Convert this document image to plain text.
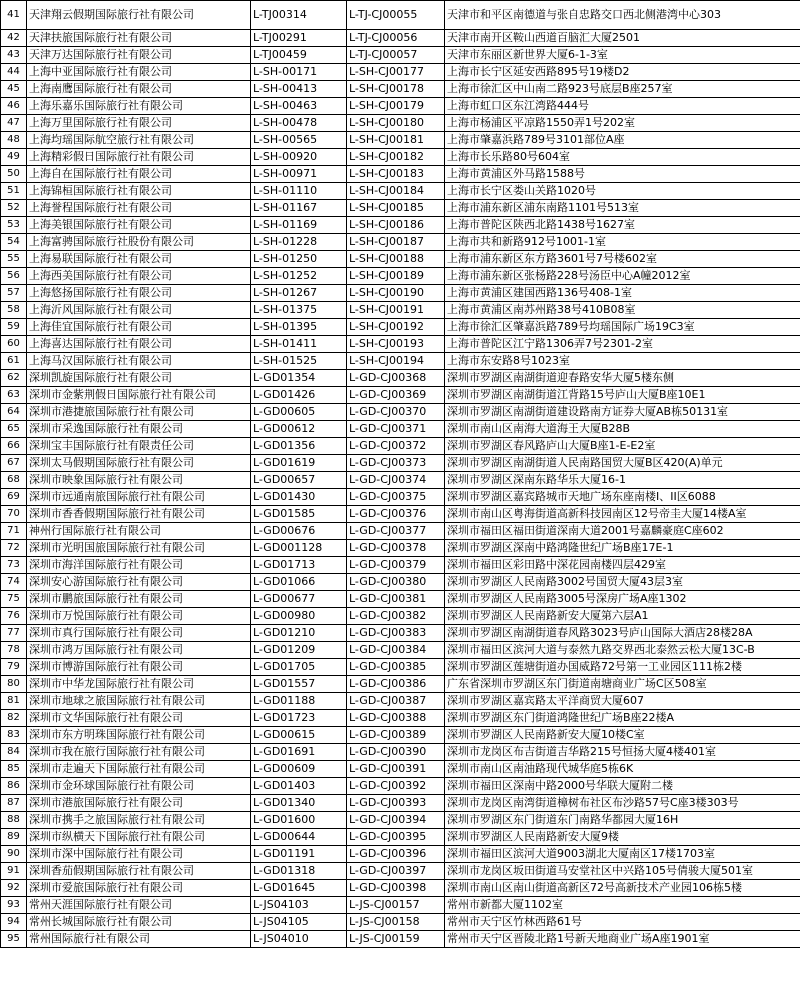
41	天津翔云假期国际旅行社有限公司	L-TJ00314	L-TJ-CJ00055	天津市和平区南德道与张自忠路交口西北侧港湾中心303
42	天津扶旅国际旅行社有限公司	L-TJ00291	L-TJ-CJ00056	天津市南开区鞍山西道百脑汇大厦2501
43	天津万达国际旅行社有限公司	L-TJ00459	L-TJ-CJ00057	天津市东丽区新世界大厦6-1-3室
44	上海中亚国际旅行社有限公司	L-SH-00171	L-SH-CJ00177	上海市长宁区延安西路895号19楼D2
45	上海南鹰国际旅行社有限公司	L-SH-00413	L-SH-CJ00178	上海市徐汇区中山南二路923号底层B座257室
46	上海乐嘉乐国际旅行社有限公司	L-SH-00463	L-SH-CJ00179	上海市虹口区东江湾路444号
47	上海万里国际旅行社有限公司	L-SH-00478	L-SH-CJ00180	上海市杨浦区平凉路1550弄1号202室
48	上海均瑶国际航空旅行社有限公司	L-SH-00565	L-SH-CJ00181	上海市肇嘉浜路789号3101部位A座
49	上海精彩假日国际旅行社有限公司	L-SH-00920	L-SH-CJ00182	上海市长乐路80号604室
50	上海自在国际旅行社有限公司	L-SH-00971	L-SH-CJ00183	上海市黄浦区外马路1588号
51	上海锦桓国际旅行社有限公司	L-SH-01110	L-SH-CJ00184	上海市长宁区娄山关路1020号
52	上海誉程国际旅行社有限公司	L-SH-01167	L-SH-CJ00185	上海市浦东新区浦东南路1101号513室
53	上海美银国际旅行社有限公司	L-SH-01169	L-SH-CJ00186	上海市普陀区陕西北路1438号1627室
54	上海富骋国际旅行社股份有限公司	L-SH-01228	L-SH-CJ00187	上海市共和新路912号1001-1室
55	上海易联国际旅行社有限公司	L-SH-01250	L-SH-CJ00188	上海市浦东新区东方路3601号7号楼602室
56	上海西美国际旅行社有限公司	L-SH-01252	L-SH-CJ00189	上海市浦东新区张杨路228号汤臣中心A幢2012室
57	上海悠扬国际旅行社有限公司	L-SH-01267	L-SH-CJ00190	上海市黄浦区建国西路136号408-1室
58	上海沂风国际旅行社有限公司	L-SH-01375	L-SH-CJ00191	上海市黄浦区南苏州路38号410B08室
59	上海佳宜国际旅行社有限公司	L-SH-01395	L-SH-CJ00192	上海市徐汇区肇嘉浜路789号均瑶国际广场19C3室
60	上海喜达国际旅行社有限公司	L-SH-01411	L-SH-CJ00193	上海市普陀区江宁路1306弄7号2301-2室
61	上海马汉国际旅行社有限公司	L-SH-01525	L-SH-CJ00194	上海市东安路8号1023室
62	深圳凯旋国际旅行社有限公司	L-GD01354	L-GD-CJ00368	深圳市罗湖区南湖街道迎春路安华大厦5楼东侧
63	深圳市金紫荆假日国际旅行社有限公司	L-GD01426	L-GD-CJ00369	深圳市罗湖区南湖街道江背路15号庐山大厦B座10E1
64	深圳市港捷旅国际旅行社有限公司	L-GD00605	L-GD-CJ00370	深圳市罗湖区南湖街道建设路南方证券大厦AB栋50131室
65	深圳市采逸国际旅行社有限公司	L-GD00612	L-GD-CJ00371	深圳市南山区南海大道海王大厦B28B
66	深圳宝丰国际旅行社有限责任公司	L-GD01356	L-GD-CJ00372	深圳市罗湖区春风路庐山大厦B座1-E-E2室
67	深圳太马假期国际旅行社有限公司	L-GD01619	L-GD-CJ00373	深圳市罗湖区南湖街道人民南路国贸大厦B区420(A)单元
68	深圳市映象国际旅行社有限公司	L-GD00657	L-GD-CJ00374	深圳市罗湖区深南东路华乐大厦16-1
69	深圳市远通南旅国际旅行社有限公司	L-GD01430	L-GD-CJ00375	深圳市罗湖区嘉宾路城市天地广场东座南楼I、II区6088
70	深圳市香香假期国际旅行社有限公司	L-GD01585	L-GD-CJ00376	深圳市南山区粤海街道高新科技园南区12号帝圭大厦14楼A室
71	神州行国际旅行社有限公司	L-GD00676	L-GD-CJ00377	深圳市福田区福田街道深南大道2001号嘉麟豪庭C座602
72	深圳市光明国旅国际旅行社有限公司	L-GD001128	L-GD-CJ00378	深圳市罗湖区深南中路鸿隆世纪广场B座17E-1
73	深圳市海洋国际旅行社有限公司	L-GD01713	L-GD-CJ00379	深圳市福田区彩田路中深花园南楼四层429室
74	深圳安心游国际旅行社有限公司	L-GD01066	L-GD-CJ00380	深圳市罗湖区人民南路3002号国贸大厦43层3室
75	深圳市鹏旅国际旅行社有限公司	L-GD00677	L-GD-CJ00381	深圳市罗湖区人民南路3005号深房广场A座1302
76	深圳市万悦国际旅行社有限公司	L-GD00980	L-GD-CJ00382	深圳市罗湖区人民南路新安大厦第六层A1
77	深圳市真行国际旅行社有限公司	L-GD01210	L-GD-CJ00383	深圳市罗湖区南湖街道春风路3023号庐山国际大酒店28楼28A
78	深圳市鸿万国际旅行社有限公司	L-GD01209	L-GD-CJ00384	深圳市福田区滨河大道与泰然九路交界西北泰然云松大厦13C-B
79	深圳市博游国际旅行社有限公司	L-GD01705	L-GD-CJ00385	深圳市罗湖区莲塘街道办国威路72号第一工业园区111栋2楼
80	深圳市中华龙国际旅行社有限公司	L-GD01557	L-GD-CJ00386	广东省深圳市罗湖区东门街道南塘商业广场C区508室
81	深圳市地球之旅国际旅行社有限公司	L-GD01188	L-GD-CJ00387	深圳市罗湖区嘉宾路太平洋商贸大厦607
82	深圳市文华国际旅行社有限公司	L-GD01723	L-GD-CJ00388	深圳市罗湖区东门街道鸿隆世纪广场B座22楼A
83	深圳市东方明珠国际旅行社有限公司	L-GD00615	L-GD-CJ00389	深圳市罗湖区人民南路新安大厦10楼C室
84	深圳市我在旅行国际旅行社有限公司	L-GD01691	L-GD-CJ00390	深圳市龙岗区布吉街道吉华路215号恒扬大厦4楼401室
85	深圳市走遍天下国际旅行社有限公司	L-GD00609	L-GD-CJ00391	深圳市南山区南油路现代城华庭5栋6K
86	深圳市金环球国际旅行社有限公司	L-GD01403	L-GD-CJ00392	深圳市福田区深南中路2000号华联大厦附二楼
87	深圳市港旅国际旅行社有限公司	L-GD01340	L-GD-CJ00393	深圳市龙岗区南湾街道樟树布社区布沙路57号C座3楼303号
88	深圳市携手之旅国际旅行社有限公司	L-GD01600	L-GD-CJ00394	深圳市罗湖区东门街道东门南路华都园大厦16H
89	深圳市纵横天下国际旅行社有限公司	L-GD00644	L-GD-CJ00395	深圳市罗湖区人民南路新安大厦9楼
90	深圳市深中国际旅行社有限公司	L-GD01191	L-GD-CJ00396	深圳市福田区滨河大道9003湖北大厦南区17楼1703室
91	深圳香茄假期国际旅行社有限公司	L-GD01318	L-GD-CJ00397	深圳市龙岗区坂田街道马安堂社区中兴路105号倩骏大厦501室
92	深圳市爱旅国际旅行社有限公司	L-GD01645	L-GD-CJ00398	深圳市南山区南山街道高新区72号高新技术产业园106栋5楼
93	常州天涯国际旅行社有限公司	L-JS04103	L-JS-CJ00157	常州市新都大厦1102室
94	常州长城国际旅行社有限公司	L-JS04105	L-JS-CJ00158	常州市天宁区竹林西路61号
95	常州国际旅行社有限公司	L-JS04010	L-JS-CJ00159	常州市天宁区晋陵北路1号新天地商业广场A座1901室
